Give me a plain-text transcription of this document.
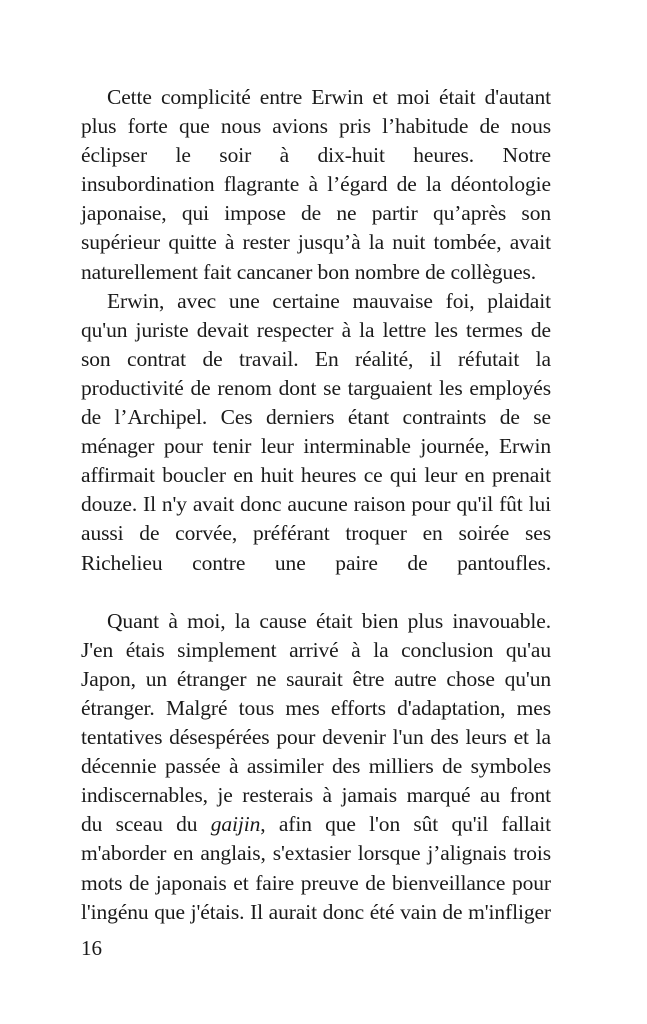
Cette complicité entre Erwin et moi était d'autant
plus forte que nous avions pris l’habitude de nous
éclipser le soir à dix-huit heures. Notre
insubordination flagrante à l’égard de la déontologie
japonaise, qui impose de ne partir qu’après son
supérieur quitte à rester jusqu’à la nuit tombée, avait
naturellement fait cancaner bon nombre de collègues.
Erwin, avec une certaine mauvaise foi, plaidait
qu'un juriste devait respecter à la lettre les termes de
son contrat de travail. En réalité, il réfutait la
productivité de renom dont se targuaient les employés
de l’Archipel. Ces derniers étant contraints de se
ménager pour tenir leur interminable journée, Erwin
affirmait boucler en huit heures ce qui leur en prenait
douze. Il n'y avait donc aucune raison pour qu'il fût lui
aussi de corvée, préférant troquer en soirée ses
Richelieu contre une paire de pantoufles.
Quant à moi, la cause était bien plus inavouable.
J'en étais simplement arrivé à la conclusion qu'au
Japon, un étranger ne saurait être autre chose qu'un
étranger. Malgré tous mes efforts d'adaptation, mes
tentatives désespérées pour devenir l'un des leurs et la
décennie passée à assimiler des milliers de symboles
indiscernables, je resterais à jamais marqué au front
du sceau du gaijin, afin que l'on sût qu'il fallait
m'aborder en anglais, s'extasier lorsque j’alignais trois
mots de japonais et faire preuve de bienveillance pour
l'ingénu que j'étais. Il aurait donc été vain de m'infliger
16
